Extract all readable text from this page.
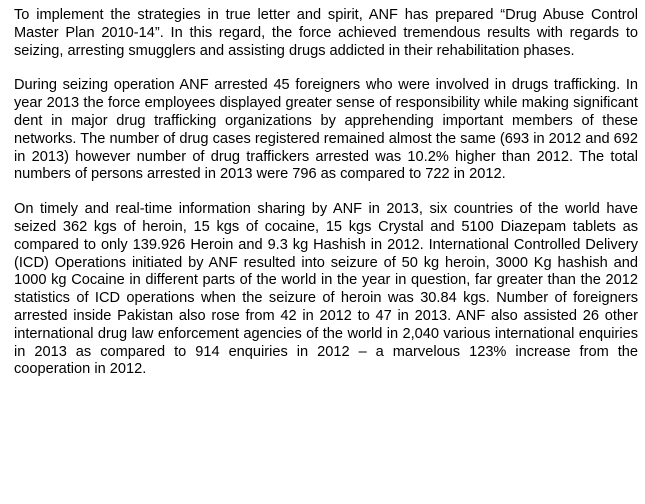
To implement the strategies in true letter and spirit, ANF has prepared “Drug Abuse Control Master Plan 2010-14”. In this regard, the force achieved tremendous results with regards to seizing, arresting smugglers and assisting drugs addicted in their rehabilitation phases.

During seizing operation ANF arrested 45 foreigners who were involved in drugs trafficking. In year 2013 the force employees displayed greater sense of responsibility while making significant dent in major drug trafficking organizations by apprehending important members of these networks. The number of drug cases registered remained almost the same (693 in 2012 and 692 in 2013) however number of drug traffickers arrested was 10.2% higher than 2012. The total numbers of persons arrested in 2013 were 796 as compared to 722 in 2012.

On timely and real-time information sharing by ANF in 2013, six countries of the world have seized 362 kgs of heroin, 15 kgs of cocaine, 15 kgs Crystal and 5100 Diazepam tablets as compared to only 139.926 Heroin and 9.3 kg Hashish in 2012. International Controlled Delivery (ICD) Operations initiated by ANF resulted into seizure of 50 kg heroin, 3000 Kg hashish and 1000 kg Cocaine in different parts of the world in the year in question, far greater than the 2012 statistics of ICD operations when the seizure of heroin was 30.84 kgs. Number of foreigners arrested inside Pakistan also rose from 42 in 2012 to 47 in 2013. ANF also assisted 26 other international drug law enforcement agencies of the world in 2,040 various international enquiries in 2013 as compared to 914 enquiries in 2012 – a marvelous 123% increase from the cooperation in 2012.
